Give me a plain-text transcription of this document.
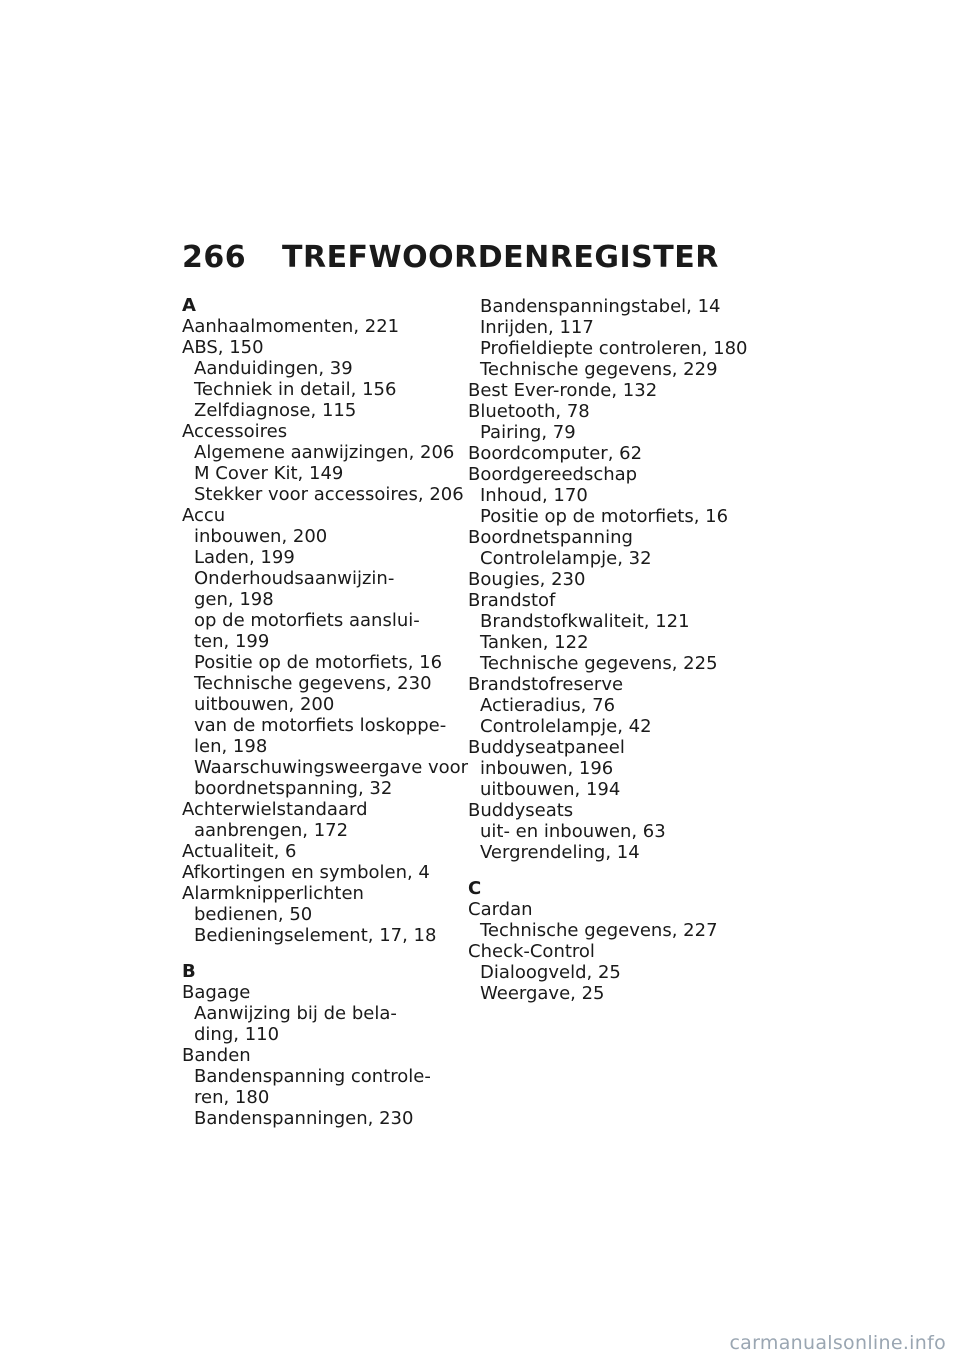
266 TREFWOORDENREGISTER
A
Aanhaalmomenten, 221
ABS, 150
Aanduidingen, 39
Techniek in detail, 156
Zelfdiagnose, 115
Accessoires
Algemene aanwijzingen, 206
M Cover Kit, 149
Stekker voor accessoires, 206
Accu
inbouwen, 200
Laden, 199
Onderhoudsaanwijzin-
gen, 198
op de motorfiets aanslui-
ten, 199
Positie op de motorfiets, 16
Technische gegevens, 230
uitbouwen, 200
van de motorfiets loskoppe-
len, 198
Waarschuwingsweergave voor
boordnetspanning, 32
Achterwielstandaard
aanbrengen, 172
Actualiteit, 6
Afkortingen en symbolen, 4
Alarmknipperlichten
bedienen, 50
Bedieningselement, 17, 18
B
Bagage
Aanwijzing bij de bela-
ding, 110
Banden
Bandenspanning controle-
ren, 180
Bandenspanningen, 230
Bandenspanningstabel, 14
Inrijden, 117
Profieldiepte controleren, 180
Technische gegevens, 229
Best Ever-ronde, 132
Bluetooth, 78
Pairing, 79
Boordcomputer, 62
Boordgereedschap
Inhoud, 170
Positie op de motorfiets, 16
Boordnetspanning
Controlelampje, 32
Bougies, 230
Brandstof
Brandstofkwaliteit, 121
Tanken, 122
Technische gegevens, 225
Brandstofreserve
Actieradius, 76
Controlelampje, 42
Buddyseatpaneel
inbouwen, 196
uitbouwen, 194
Buddyseats
uit- en inbouwen, 63
Vergrendeling, 14
C
Cardan
Technische gegevens, 227
Check-Control
Dialoogveld, 25
Weergave, 25
carmanualsonline.info
